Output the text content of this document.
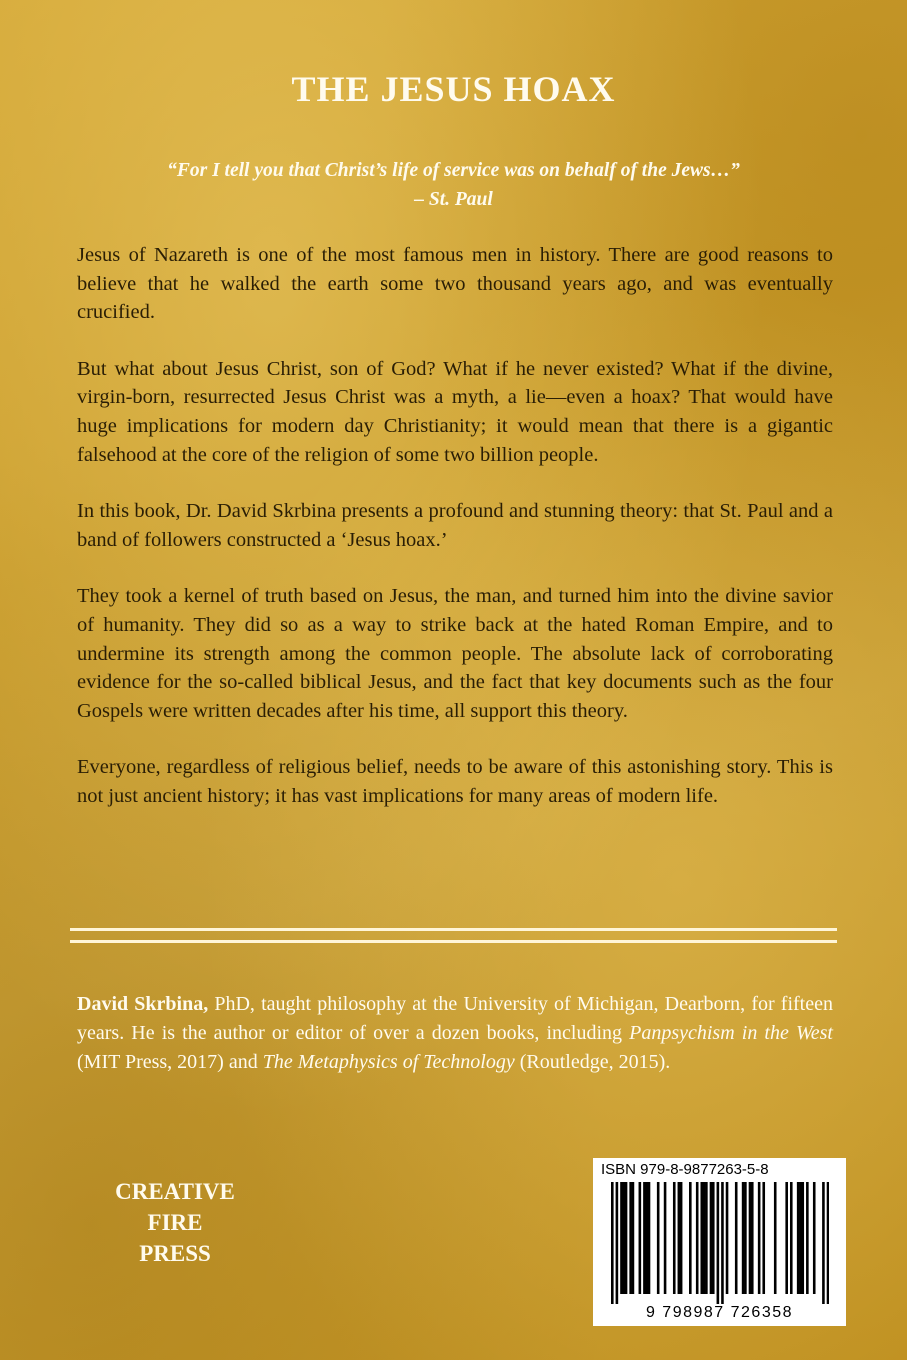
THE JESUS HOAX
“For I tell you that Christ’s life of service was on behalf of the Jews…”
– St. Paul

Jesus of Nazareth is one of the most famous men in history. There are good reasons to believe that he walked the earth some two thousand years ago, and was eventually crucified.

But what about Jesus Christ, son of God? What if he never existed? What if the divine, virgin-born, resurrected Jesus Christ was a myth, a lie—even a hoax? That would have huge implications for modern day Christianity; it would mean that there is a gigantic falsehood at the core of the religion of some two billion people.

In this book, Dr. David Skrbina presents a profound and stunning theory: that St. Paul and a band of followers constructed a ‘Jesus hoax.’

They took a kernel of truth based on Jesus, the man, and turned him into the divine savior of humanity. They did so as a way to strike back at the hated Roman Empire, and to undermine its strength among the common people. The absolute lack of corroborating evidence for the so-called biblical Jesus, and the fact that key documents such as the four Gospels were written decades after his time, all support this theory.

Everyone, regardless of religious belief, needs to be aware of this astonishing story. This is not just ancient history; it has vast implications for many areas of modern life.

David Skrbina, PhD, taught philosophy at the University of Michigan, Dearborn, for fifteen years. He is the author or editor of over a dozen books, including Panpsychism in the West (MIT Press, 2017) and The Metaphysics of Technology (Routledge, 2015).

CREATIVE
FIRE
PRESS
ISBN 979-8-9877263-5-8
9 798987 726358
